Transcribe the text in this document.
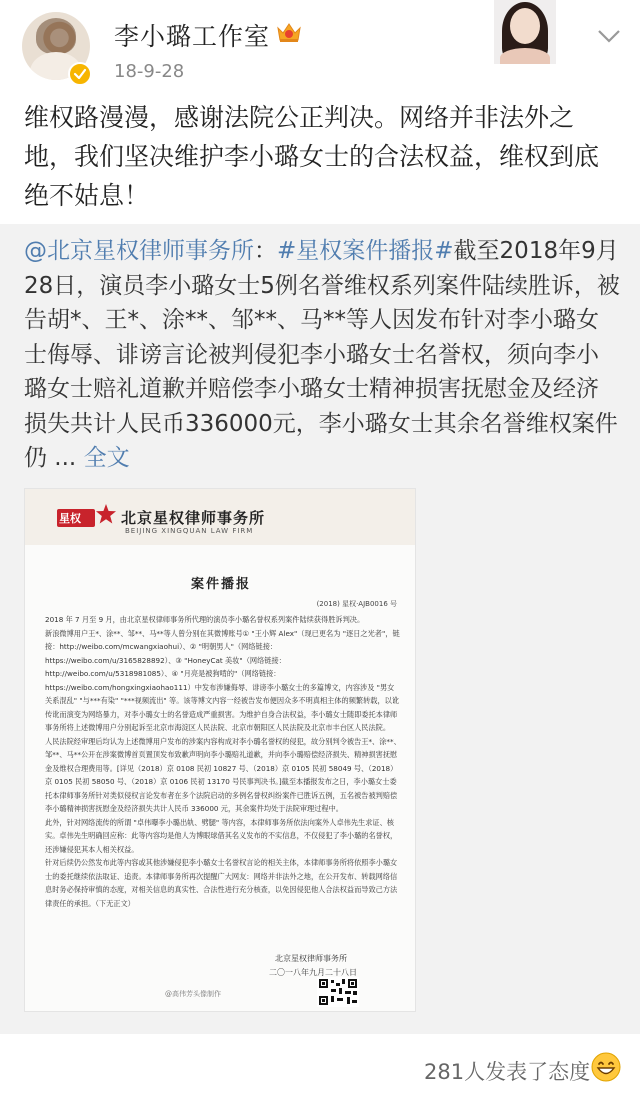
李小璐工作室
18-9-28
维权路漫漫，感谢法院公正判决。网络并非法外之地，我们坚决维护李小璐女士的合法权益，维权到底绝不姑息！
@北京星权律师事务所：#星权案件播报#截至2018年9月28日，演员李小璐女士5例名誉维权系列案件陆续胜诉，被告胡*、王*、涂**、邹**、马**等人因发布针对李小璐女士侮辱、诽谤言论被判侵犯李小璐女士名誉权，须向李小璐女士赔礼道歉并赔偿李小璐女士精神损害抚慰金及经济损失共计人民币336000元，李小璐女士其余名誉维权案件仍 ... 全文
星权	北京星权律师事务所
BEIJING XINGQUAN LAW FIRM
案件播报
(2018) 星权·AJB0016 号
2018 年 7 月至 9 月，由北京星权律师事务所代理的演员李小璐名誉权系列案件陆续获得胜诉判决。
新浪微博用户王*、涂**、邹**、马**等人曾分别在其微博账号① "王小辉 Alex"（现已更名为 "逐日之光者"，链接：http://weibo.com/mcwangxiaohui）、② "明朝男人"（网络链接：https://weibo.com/u/3165828892）、③ "HoneyCat 美妆"（网络链接：http://weibo.com/u/5318981085）、④ "月亮是被狗啃的"（网络链接：https://weibo.com/hongxingxiaohao111）中发布涉嫌侮辱、诽谤李小璐女士的多篇博文，内容涉及 "男女关系混乱" "与***有染" "***视频流出" 等。该等博文内容一经被告发布便因众多不明真相主体的频繁转载，以讹传讹而演变为网络暴力，对李小璐女士的名誉造成严重损害。为维护自身合法权益，李小璐女士随即委托本律师事务所将上述微博用户分别起诉至北京市海淀区人民法院、北京市朝阳区人民法院及北京市丰台区人民法院。
人民法院经审理后均认为上述微博用户发布的涉案内容构成对李小璐名誉权的侵犯，故分别判令被告王*、涂**、邹**、马**公开在涉案微博首页置顶发布致歉声明向李小璐赔礼道歉，并向李小璐赔偿经济损失、精神损害抚慰金及维权合理费用等。[详见（2018）京 0108 民初 10827 号、（2018）京 0105 民初 58049 号、（2018）京 0105 民初 58050 号、（2018）京 0106 民初 13170 号民事判决书。]截至本播报发布之日，李小璐女士委托本律师事务所针对类似侵权言论发布者在多个法院启动的多例名誉权纠纷案件已胜诉五例，五名被告被判赔偿李小璐精神损害抚慰金及经济损失共计人民币 336000 元，其余案件均处于法院审理过程中。
此外，针对网络流传的所谓 "卓伟曝李小璐出轨、劈腿" 等内容，本律师事务所依法向案外人卓伟先生求证、核实。卓伟先生明确回应称：此等内容均是他人为博眼球借其名义发布的不实信息，不仅侵犯了李小璐的名誉权，还涉嫌侵犯其本人相关权益。
针对后续仍公然发布此等内容或其他涉嫌侵犯李小璐女士名誉权言论的相关主体，本律师事务所将依照李小璐女士的委托继续依法取证、追责。本律师事务所再次提醒广大网友：网络并非法外之地，在公开发布、转载网络信息时务必保持审慎的态度，对相关信息的真实性、合法性进行充分核查，以免因侵犯他人合法权益而导致己方法律责任的承担。（下无正文）
北京星权律师事务所
二〇一八年九月二十八日
@高伟芳头像制作
281人发表了态度
